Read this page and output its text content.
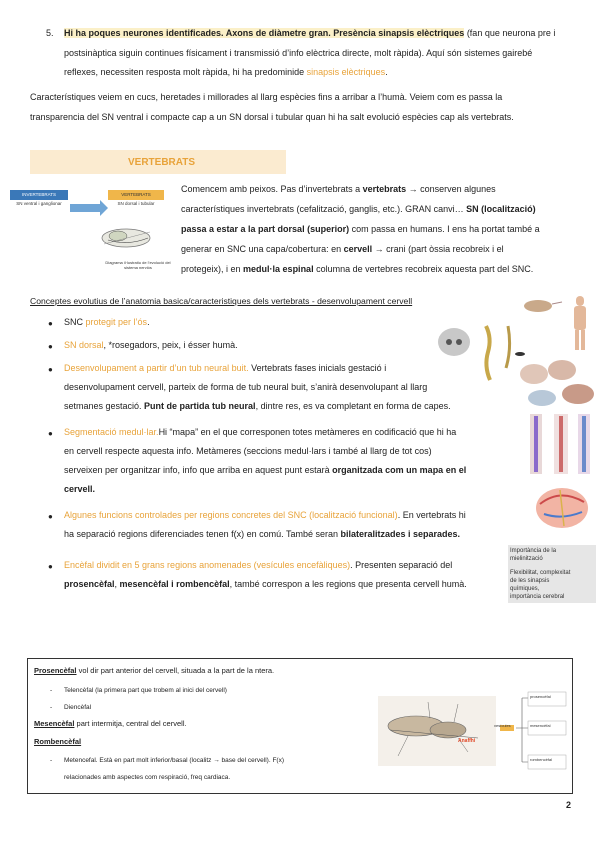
5. Hi ha poques neurones identificades. Axons de diàmetre gran. Presència sinapsis elèctriques (fan que neurona pre i
postsinàptica siguin continues físicament i transmissió d’info elèctrica directe, molt ràpida). Aquí són sistemes gairebé
reflexes, necessiten resposta molt ràpida, hi ha predominide sinapsis elèctriques.
Característiques veiem en cucs, heretades i millorades al llarg espècies fins a arribar a l’humà. Veiem com es passa la
transparencia del SN ventral i compacte cap a un SN dorsal i tubular quan hi ha salt evolució espècies cap als vertebrats.
VERTEBRATS
INVERTEBRATS
SN ventral i ganglionar
VERTEBRATS
SN dorsal i tubular
Diagrama il·lustratiu de l’evolució del sistema nerviós
Comencem amb peixos. Pas d’invertebrats a vertebrats → conserven algunes
característiques invertebrats (cefalització, ganglis, etc.). GRAN canvi… SN (localització)
passa a estar a la part dorsal (superior) com passa en humans. I ens ha portat també a
generar en SNC una capa/cobertura: en cervell → crani (part òssia recobreix i el
protegeix), i en medul·la espinal columna de vertebres recobreix aquesta part del SNC.
Conceptes evolutius de l’anatomia basica/caracteristiques dels vertebrats - desenvolupament cervell
● SNC protegit per l’ós.
● SN dorsal, *rosegadors, peix, i ésser humà.
● Desenvolupament a partir d’un tub neural buit. Vertebrats fases inicials gestació i
desenvolupament cervell, parteix de forma de tub neural buit, s’anirà desenvolupant al llarg
setmanes gestació. Punt de partida tub neural, dintre res, es va completant en forma de capes.
● Segmentació medul·lar.Hi “mapa” en el que corresponen totes metàmeres en codificació que hi ha
en cervell respecte aquesta info. Metàmeres (seccions medul·lars i també al llarg de tot cos)
serveixen per organitzar info, info que arriba en aquest punt estarà organitzada com un mapa en el
cervell.
● Algunes funcions controlades per regions concretes del SNC (localització funcional). En vertebrats hi
ha separació regions diferenciades tenen f(x) en comú. També seran bilateralitzades i separades.
● Encèfal dividit en 5 grans regions anomenades (vesícules encefàliques). Presenten separació del
prosencèfal, mesencèfal i rombencèfal, també correspon a les regions que presenta cervell humà.
Importància de la
mielinització
Flexibilitat, complexitat
de les sinapsis
químiques,
importància cerebral
Prosencèfal vol dir part anterior del cervell, situada a la part de la ntera.
- Telencèfal (la primera part que trobem al inici del cervell)
- Diencèfal
Mesencèfal part intermitja, central del cervell.
Rombencèfal
- Metencefal. Està en part molt inferior/basal (localitz → base del cervell). F(x)
relacionades amb aspectes com respiració, freq cardiaca.
Anaffhi
vesícules
prosencèfal
mesencèfal
rombencèfal
2
